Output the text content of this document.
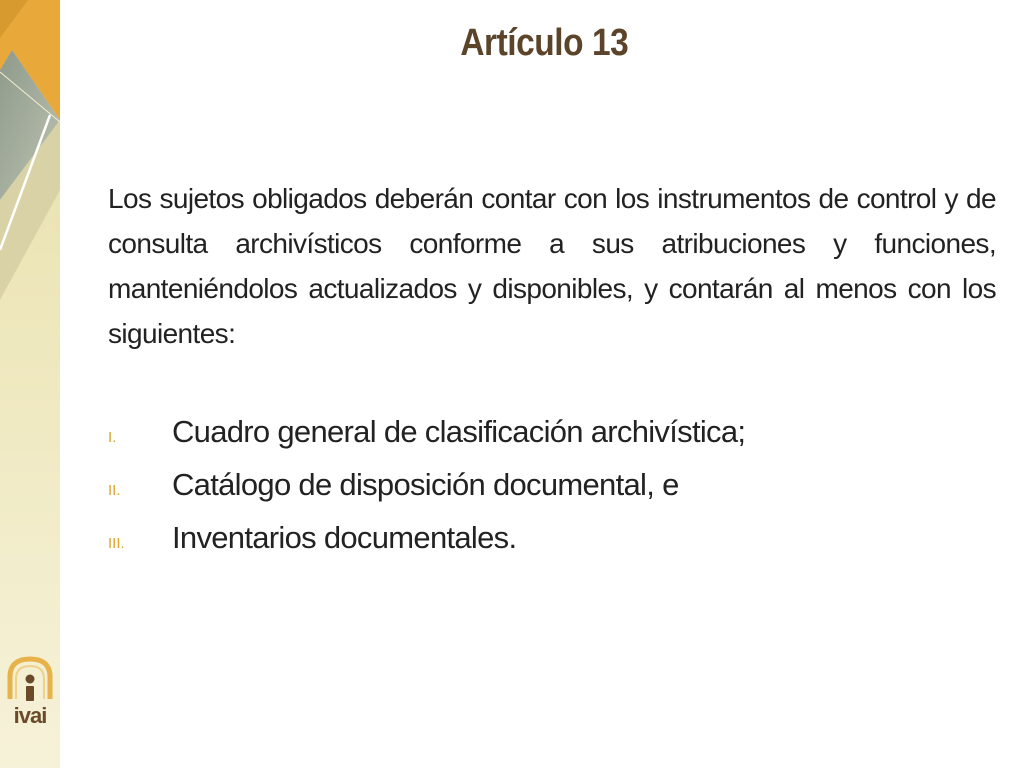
Artículo 13

Los sujetos obligados deberán contar con los instrumentos de control y de consulta archivísticos conforme a sus atribuciones y funciones, manteniéndolos actualizados y disponibles, y contarán al menos con los siguientes:

I.	Cuadro general de clasificación archivística;
II.	Catálogo de disposición documental, e
III.	Inventarios documentales.
ivai
